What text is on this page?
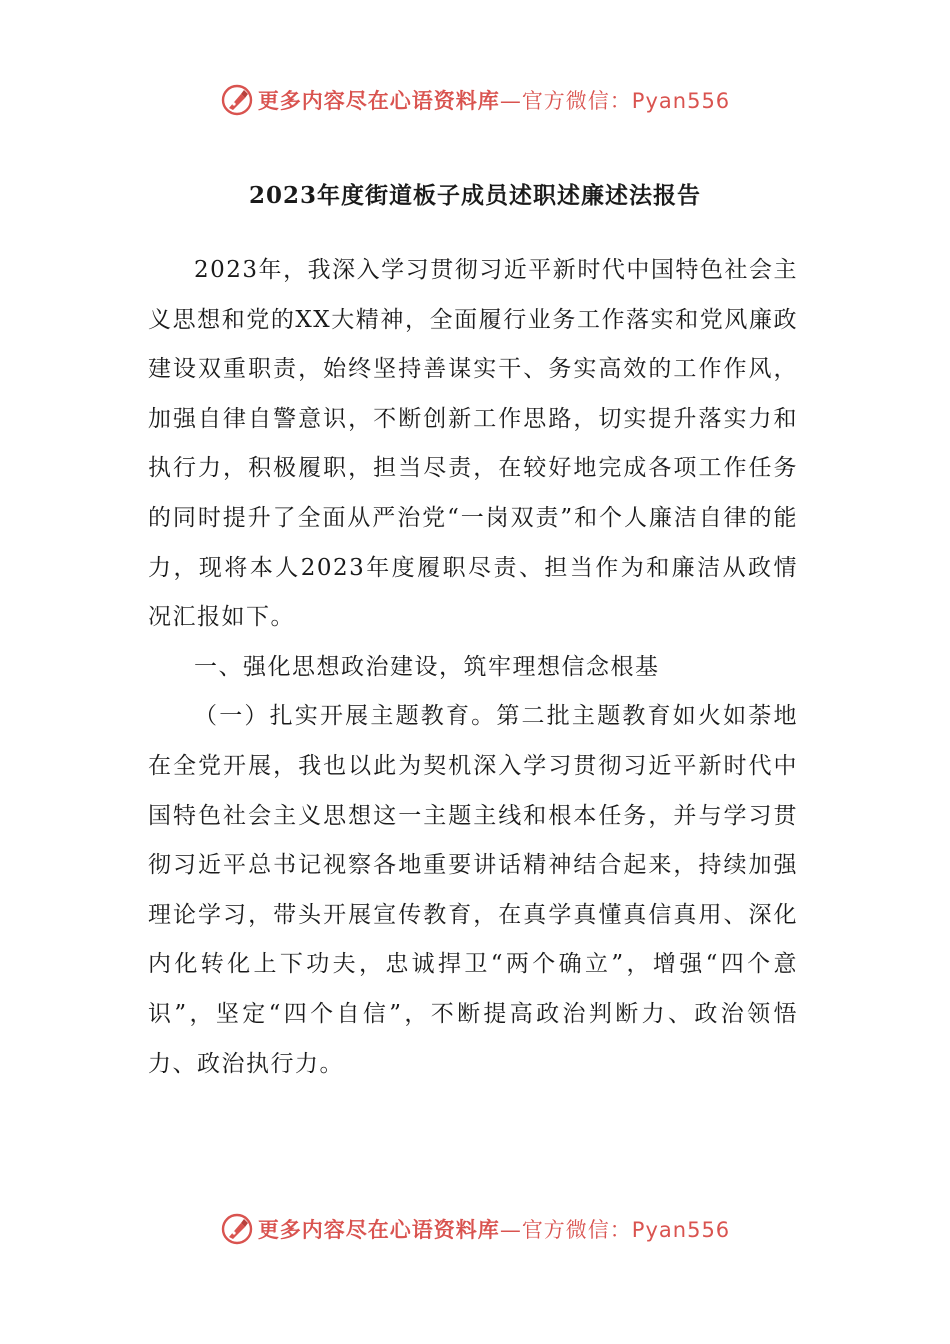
更多内容尽在心语资料库 —官方微信：Pyan556
2023年度街道板子成员述职述廉述法报告

2023年，我深入学习贯彻习近平新时代中国特色社会主义思想和党的XX大精神，全面履行业务工作落实和党风廉政建设双重职责，始终坚持善谋实干、务实高效的工作作风，加强自律自警意识，不断创新工作思路，切实提升落实力和执行力，积极履职，担当尽责，在较好地完成各项工作任务的同时提升了全面从严治党“一岗双责”和个人廉洁自律的能力，现将本人2023年度履职尽责、担当作为和廉洁从政情况汇报如下。

一、强化思想政治建设，筑牢理想信念根基

（一）扎实开展主题教育。第二批主题教育如火如荼地在全党开展，我也以此为契机深入学习贯彻习近平新时代中国特色社会主义思想这一主题主线和根本任务，并与学习贯彻习近平总书记视察各地重要讲话精神结合起来，持续加强理论学习，带头开展宣传教育，在真学真懂真信真用、深化内化转化上下功夫，忠诚捍卫“两个确立”，增强“四个意识”，坚定“四个自信”，不断提高政治判断力、政治领悟力、政治执行力。

更多内容尽在心语资料库 —官方微信：Pyan556
